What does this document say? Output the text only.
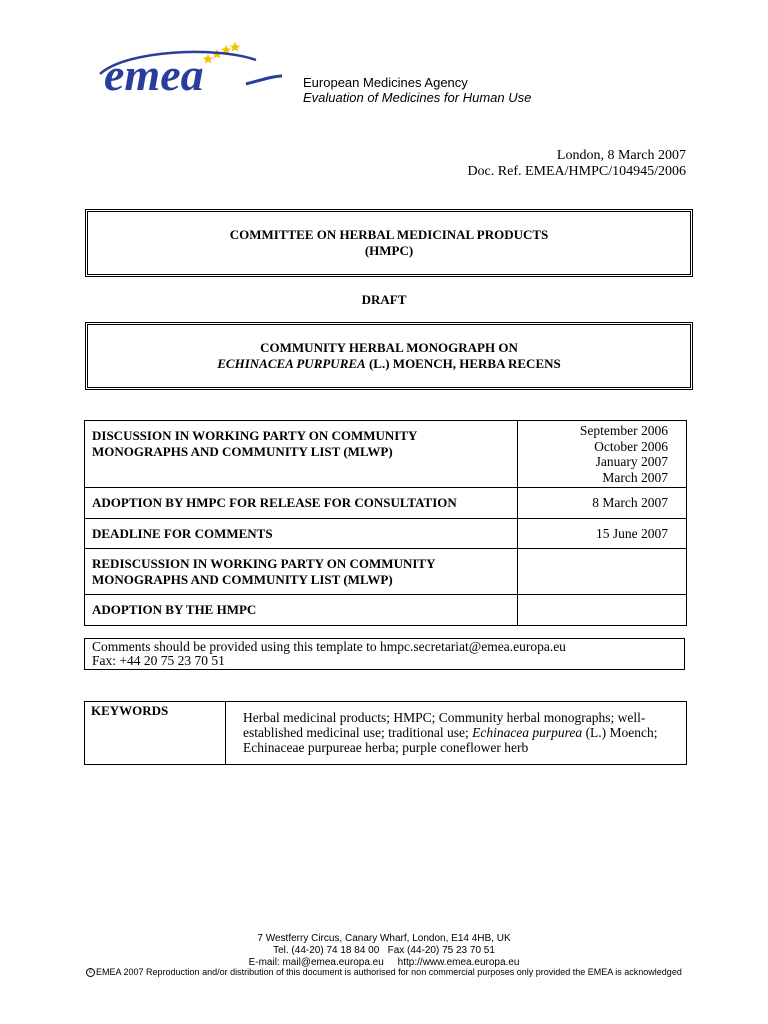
emea	European Medicines Agency
Evaluation of Medicines for Human Use
London, 8 March 2007
Doc. Ref. EMEA/HMPC/104945/2006
COMMITTEE ON HERBAL MEDICINAL PRODUCTS
(HMPC)
DRAFT
COMMUNITY HERBAL MONOGRAPH ON
ECHINACEA PURPUREA (L.) MOENCH, HERBA RECENS
DISCUSSION IN WORKING PARTY ON COMMUNITY MONOGRAPHS AND COMMUNITY LIST (MLWP)	September 2006
October 2006
January 2007
March 2007

ADOPTION BY HMPC FOR RELEASE FOR CONSULTATION	8 March 2007
DEADLINE FOR COMMENTS	15 June 2007
REDISCUSSION IN WORKING PARTY ON COMMUNITY MONOGRAPHS AND COMMUNITY LIST (MLWP)	
ADOPTION BY THE HMPC	
Comments should be provided using this template to hmpc.secretariat@emea.europa.eu
Fax: +44 20 75 23 70 51
KEYWORDS	Herbal medicinal products; HMPC; Community herbal monographs; well-established medicinal use; traditional use; Echinacea purpurea (L.) Moench; Echinaceae purpureae herba; purple coneflower herb
7 Westferry Circus, Canary Wharf, London, E14 4HB, UK
Tel. (44-20) 74 18 84 00   Fax (44-20) 75 23 70 51
E-mail: mail@emea.europa.eu     http://www.emea.europa.eu
c EMEA 2007 Reproduction and/or distribution of this document is authorised for non commercial purposes only provided the EMEA is acknowledged
